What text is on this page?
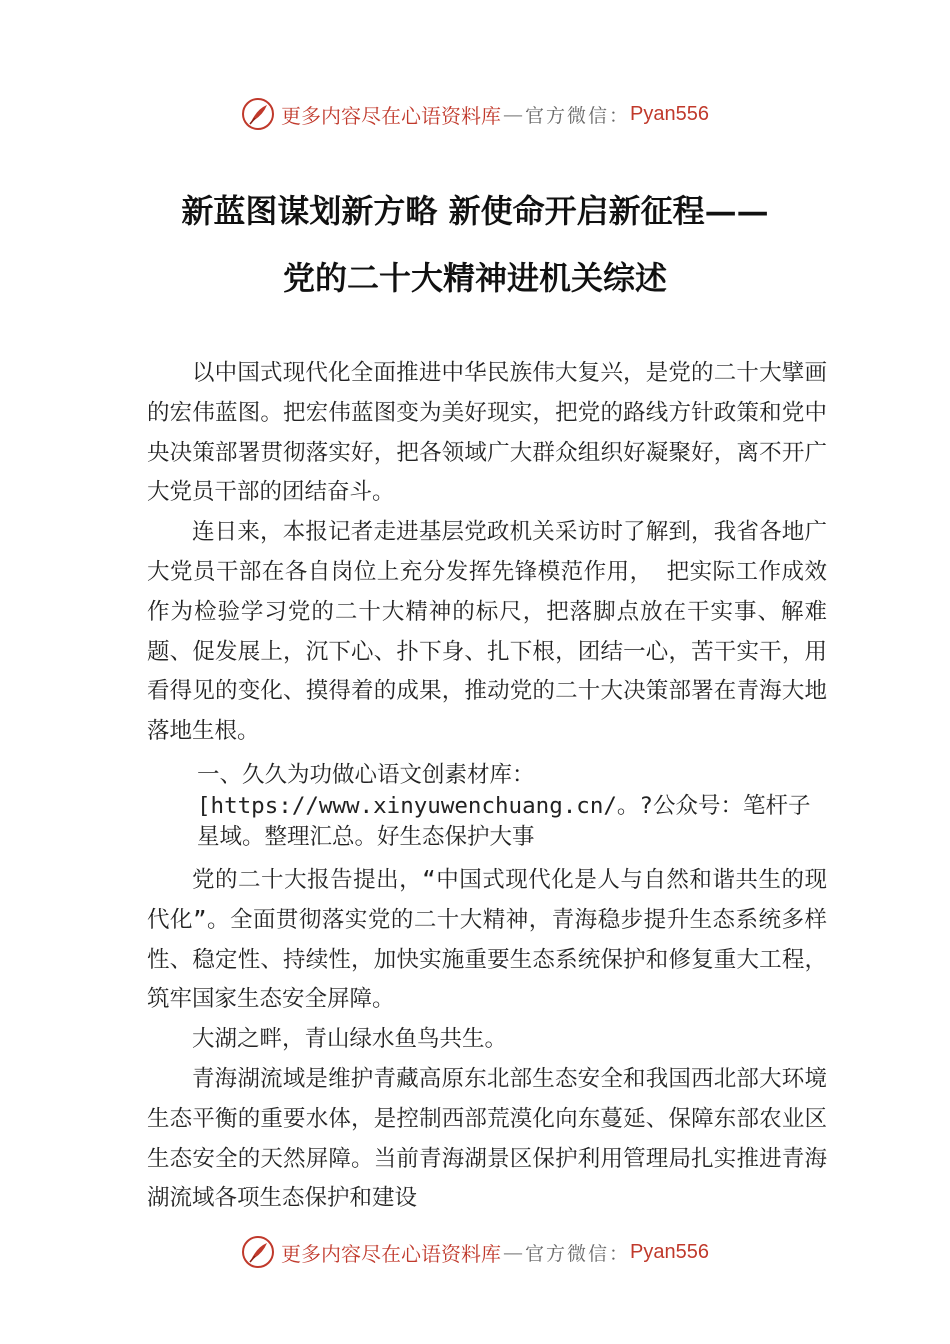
更多内容尽在心语资料库 — 官方微信： Pyan556
新蓝图谋划新方略 新使命开启新征程——
党的二十大精神进机关综述

以中国式现代化全面推进中华民族伟大复兴，是党的二十大擘画的宏伟蓝图。把宏伟蓝图变为美好现实，把党的路线方针政策和党中央决策部署贯彻落实好，把各领域广大群众组织好凝聚好，离不开广大党员干部的团结奋斗。

连日来，本报记者走进基层党政机关采访时了解到，我省各地广大党员干部在各自岗位上充分发挥先锋模范作用， 把实际工作成效作为检验学习党的二十大精神的标尺，把落脚点放在干实事、解难题、促发展上，沉下心、扑下身、扎下根，团结一心，苦干实干，用看得见的变化、摸得着的成果，推动党的二十大决策部署在青海大地落地生根。

一、久久为功做心语文创素材库：[https://www.xinyuwenchuang.cn/。?公众号：笔杆子星域。整理汇总。好生态保护大事

党的二十大报告提出，“中国式现代化是人与自然和谐共生的现代化”。全面贯彻落实党的二十大精神，青海稳步提升生态系统多样性、稳定性、持续性，加快实施重要生态系统保护和修复重大工程，筑牢国家生态安全屏障。

大湖之畔，青山绿水鱼鸟共生。

青海湖流域是维护青藏高原东北部生态安全和我国西北部大环境生态平衡的重要水体，是控制西部荒漠化向东蔓延、保障东部农业区生态安全的天然屏障。当前青海湖景区保护利用管理局扎实推进青海湖流域各项生态保护和建设

更多内容尽在心语资料库 — 官方微信： Pyan556
